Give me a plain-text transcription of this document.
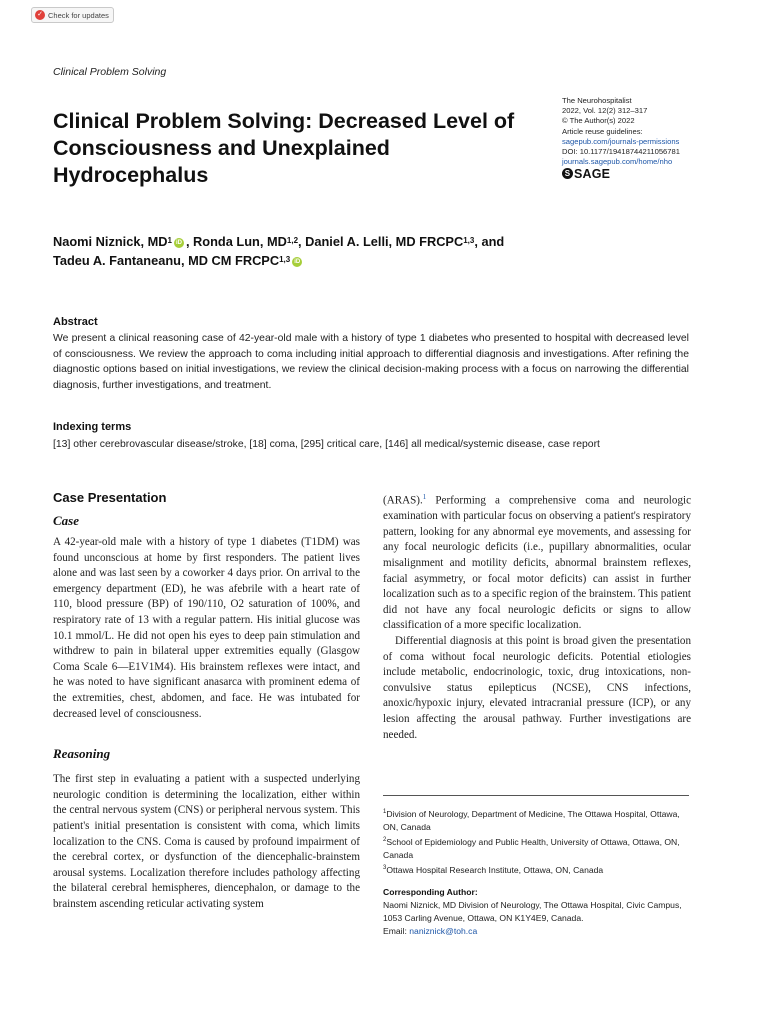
✓ Check for updates
Clinical Problem Solving
Clinical Problem Solving: Decreased Level of Consciousness and Unexplained Hydrocephalus
The Neurohospitalist
2022, Vol. 12(2) 312–317
© The Author(s) 2022
Article reuse guidelines:
sagepub.com/journals-permissions
DOI: 10.1177/19418744211056781
journals.sagepub.com/home/nho
S SAGE
Naomi Niznick, $MD^1$ iD , Ronda Lun, MD$^{1,2}$, Daniel A. Lelli, MD FRCPC$^{1,3}$, and
Tadeu A. Fantaneanu, MD CM FRCPC$^{1,3}$ iD
Abstract

We present a clinical reasoning case of 42-year-old male with a history of type 1 diabetes who presented to hospital with decreased level of consciousness. We review the approach to coma including initial approach to differential diagnosis and investigations. After refining the diagnostic options based on initial investigations, we review the clinical decision-making process with a focus on narrowing the differential diagnosis, further investigations, and treatment.

Indexing terms

[13] other cerebrovascular disease/stroke, [18] coma, [295] critical care, [146] all medical/systemic disease, case report

Case Presentation
Case

A 42-year-old male with a history of type 1 diabetes (T1DM) was found unconscious at home by first responders. The patient lives alone and was last seen by a coworker 4 days prior. On arrival to the emergency department (ED), he was afebrile with a heart rate of 110, blood pressure (BP) of 190/110, O2 saturation of 100%, and respiratory rate of 13 with a regular pattern. His initial glucose was 10.1 mmol/L. He did not open his eyes to deep pain stimulation and withdrew to pain in bilateral upper extremities equally (Glasgow Coma Scale 6—E1V1M4). His brainstem reflexes were intact, and he was noted to have significant anasarca with prominent edema of the extremities, chest, abdomen, and face. He was intubated for decreased level of consciousness.

Reasoning

The first step in evaluating a patient with a suspected underlying neurologic condition is determining the localization, either within the central nervous system (CNS) or peripheral nervous system. This patient's initial presentation is consistent with coma, which limits localization to the CNS. Coma is caused by profound impairment of the cerebral cortex, or dysfunction of the diencephalic-brainstem arousal systems. Localization therefore includes pathology affecting the bilateral cerebral hemispheres, diencephalon, or damage to the brainstem ascending reticular activating system

(ARAS).$^1$ Performing a comprehensive coma and neurologic examination with particular focus on observing a patient's respiratory pattern, looking for any abnormal eye movements, and assessing for any focal neurologic deficits (i.e., pupillary abnormalities, ocular misalignment and motility deficits, abnormal brainstem reflexes, facial asymmetry, or focal motor deficits) can assist in further localization such as to a specific region of the brainstem. This patient did not have any focal neurologic deficits or signs to allow classification of a more specific localization.

Differential diagnosis at this point is broad given the presentation of coma without focal neurologic deficits. Potential etiologies include metabolic, endocrinologic, toxic, drug intoxications, non-convulsive status epilepticus (NCSE), CNS infections, anoxic/hypoxic injury, elevated intracranial pressure (ICP), or any lesion affecting the arousal pathway. Further investigations are needed.

$^1$Division of Neurology, Department of Medicine, The Ottawa Hospital, Ottawa, ON, Canada

$^2$School of Epidemiology and Public Health, University of Ottawa, Ottawa, ON, Canada

$^3$Ottawa Hospital Research Institute, Ottawa, ON, Canada

Corresponding Author:

Naomi Niznick, MD Division of Neurology, The Ottawa Hospital, Civic Campus, 1053 Carling Avenue, Ottawa, ON K1Y4E9, Canada.

Email: naniznick@toh.ca
